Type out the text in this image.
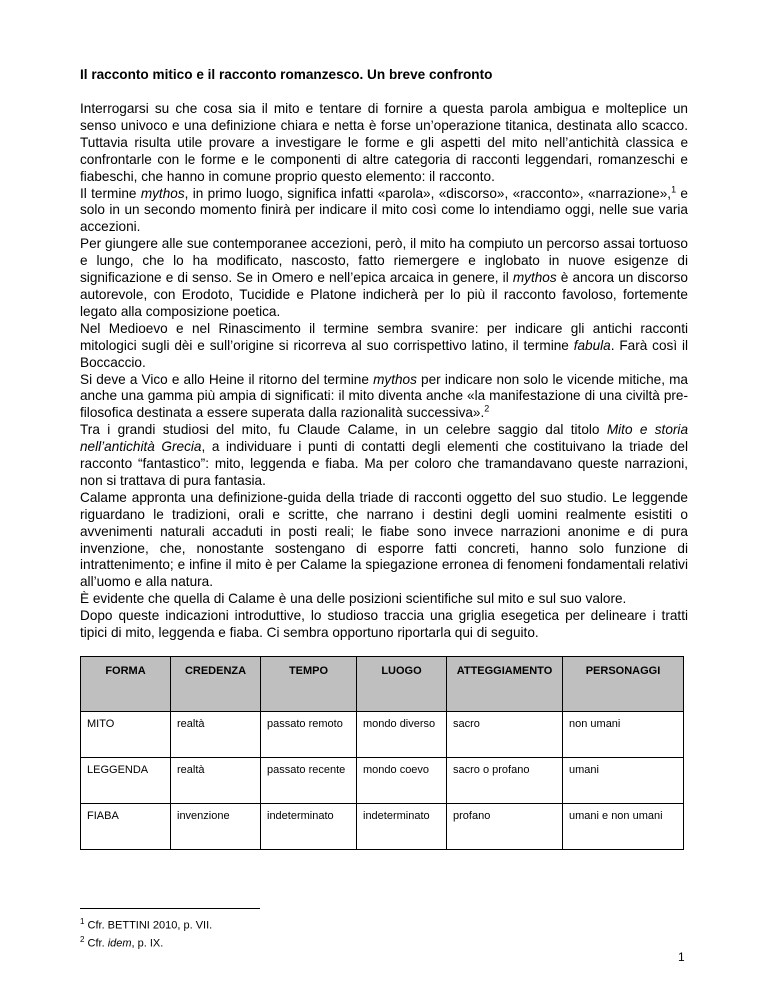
Il racconto mitico e il racconto romanzesco. Un breve confronto

Interrogarsi su che cosa sia il mito e tentare di fornire a questa parola ambigua e molteplice un senso univoco e una definizione chiara e netta è forse un’operazione titanica, destinata allo scacco. Tuttavia risulta utile provare a investigare le forme e gli aspetti del mito nell’antichità classica e confrontarle con le forme e le componenti di altre categoria di racconti leggendari, romanzeschi e fiabeschi, che hanno in comune proprio questo elemento: il racconto.

Il termine mythos, in primo luogo, significa infatti «parola», «discorso», «racconto», «narrazione»,$^1$ e solo in un secondo momento finirà per indicare il mito così come lo intendiamo oggi, nelle sue varia accezioni.

Per giungere alle sue contemporanee accezioni, però, il mito ha compiuto un percorso assai tortuoso e lungo, che lo ha modificato, nascosto, fatto riemergere e inglobato in nuove esigenze di significazione e di senso. Se in Omero e nell’epica arcaica in genere, il mythos è ancora un discorso autorevole, con Erodoto, Tucidide e Platone indicherà per lo più il racconto favoloso, fortemente legato alla composizione poetica.

Nel Medioevo e nel Rinascimento il termine sembra svanire: per indicare gli antichi racconti mitologici sugli dèi e sull’origine si ricorreva al suo corrispettivo latino, il termine fabula. Farà così il Boccaccio.

Si deve a Vico e allo Heine il ritorno del termine mythos per indicare non solo le vicende mitiche, ma anche una gamma più ampia di significati: il mito diventa anche «la manifestazione di una civiltà pre-filosofica destinata a essere superata dalla razionalità successiva».$^2$

Tra i grandi studiosi del mito, fu Claude Calame, in un celebre saggio dal titolo Mito e storia nell’antichità Grecia, a individuare i punti di contatti degli elementi che costituivano la triade del racconto “fantastico”: mito, leggenda e fiaba. Ma per coloro che tramandavano queste narrazioni, non si trattava di pura fantasia.

Calame appronta una definizione-guida della triade di racconti oggetto del suo studio. Le leggende riguardano le tradizioni, orali e scritte, che narrano i destini degli uomini realmente esistiti o avvenimenti naturali accaduti in posti reali; le fiabe sono invece narrazioni anonime e di pura invenzione, che, nonostante sostengano di esporre fatti concreti, hanno solo funzione di intrattenimento; e infine il mito è per Calame la spiegazione erronea di fenomeni fondamentali relativi all’uomo e alla natura.

È evidente che quella di Calame è una delle posizioni scientifiche sul mito e sul suo valore.

Dopo queste indicazioni introduttive, lo studioso traccia una griglia esegetica per delineare i tratti tipici di mito, leggenda e fiaba. Ci sembra opportuno riportarla qui di seguito.

FORMA	CREDENZA	TEMPO	LUOGO	ATTEGGIAMENTO	PERSONAGGI
MITO	realtà	passato remoto	mondo diverso	sacro	non umani
LEGGENDA	realtà	passato recente	mondo coevo	sacro o profano	umani
FIABA	invenzione	indeterminato	indeterminato	profano	umani e non umani
$^1$ Cfr. BETTINI 2010, p. VII.
$^2$ Cfr. idem, p. IX.
1
